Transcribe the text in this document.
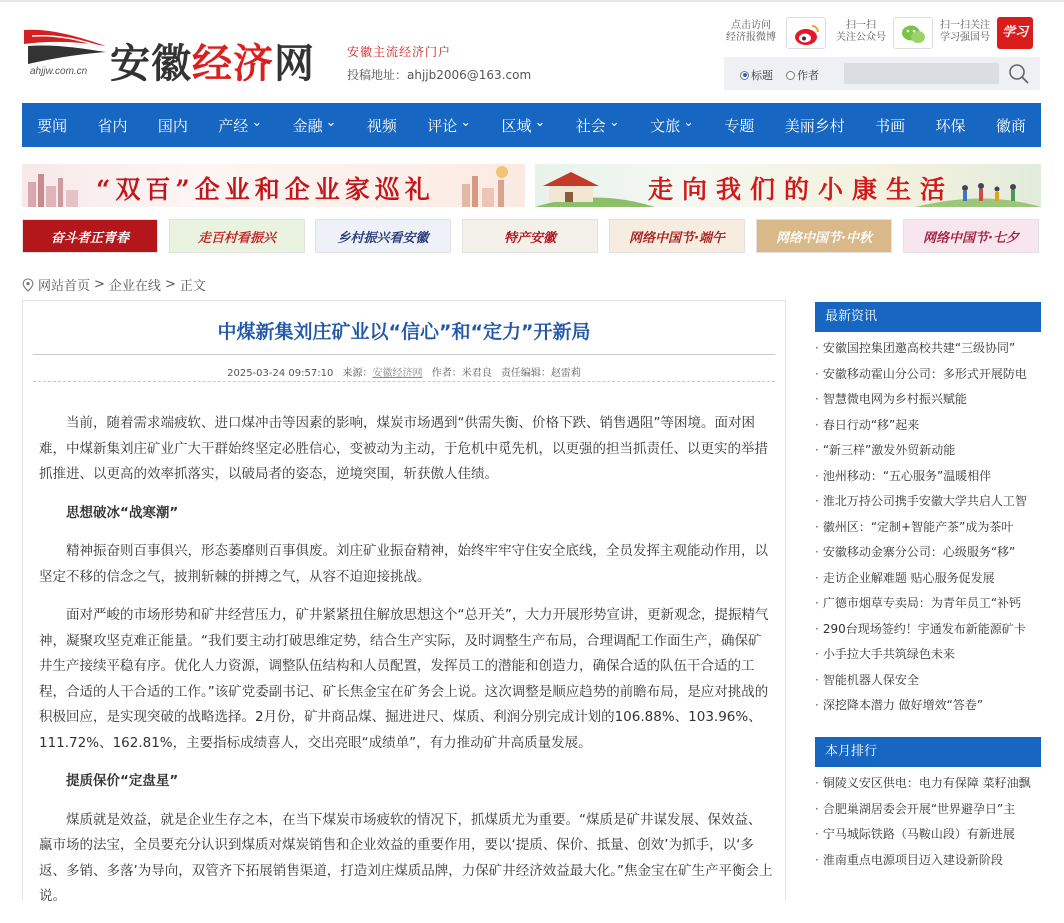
ahjjw.com.cn 安徽经济网	安徽主流经济门户
投稿地址：ahjjb2006@163.com
点击访问
经济报微博
扫一扫
关注公众号
扫一扫关注
学习强国号 学习
标题 作者
要闻 省内 国内 产经 ⌄ 金融 ⌄ 视频 评论 ⌄ 区域 ⌄ 社会 ⌄ 文旅 ⌄ 专题 美丽乡村 书画 环保 徽商
“双百”企业和企业家巡礼	走向我们的小康生活
奋斗者正青春	走百村看振兴	乡村振兴看安徽	特产安徽	网络中国节·端午	网络中国节·中秋	网络中国节·七夕
网站首页 > 企业在线 > 正文
中煤新集刘庄矿业以“信心”和“定力”开新局
2025-03-24 09:57:10 来源：安徽经济网 作者：米君良 责任编辑：赵雷莉

当前，随着需求端疲软、进口煤冲击等因素的影响，煤炭市场遇到“供需失衡、价格下跌、销售遇阻”等困境。面对困难，中煤新集刘庄矿业广大干群始终坚定必胜信心，变被动为主动，于危机中觅先机，以更强的担当抓责任、以更实的举措抓推进、以更高的效率抓落实，以破局者的姿态，逆境突围，斩获傲人佳绩。

思想破冰“战寒潮”

精神振奋则百事俱兴，形态萎靡则百事俱废。刘庄矿业振奋精神，始终牢牢守住安全底线，全员发挥主观能动作用，以坚定不移的信念之气，披荆斩棘的拼搏之气，从容不迫迎接挑战。

面对严峻的市场形势和矿井经营压力，矿井紧紧扭住解放思想这个“总开关”，大力开展形势宣讲，更新观念，提振精气神，凝聚攻坚克难正能量。“我们要主动打破思维定势，结合生产实际，及时调整生产布局，合理调配工作面生产，确保矿井生产接续平稳有序。优化人力资源，调整队伍结构和人员配置，发挥员工的潜能和创造力，确保合适的队伍干合适的工程，合适的人干合适的工作。”该矿党委副书记、矿长焦金宝在矿务会上说。这次调整是顺应趋势的前瞻布局，是应对挑战的积极回应，是实现突破的战略选择。2月份，矿井商品煤、掘进进尺、煤质、利润分别完成计划的106.88%、103.96%、111.72%、162.81%，主要指标成绩喜人，交出亮眼“成绩单”，有力推动矿井高质量发展。

提质保价“定盘星”

煤质就是效益，就是企业生存之本，在当下煤炭市场疲软的情况下，抓煤质尤为重要。“煤质是矿井谋发展、保效益、赢市场的法宝，全员要充分认识到煤质对煤炭销售和企业效益的重要作用，要以‘提质、保价、抵量、创效’为抓手，以‘多返、多销、多落’为导向，双管齐下拓展销售渠道，打造刘庄煤质品牌，力保矿井经济效益最大化。”焦金宝在矿生产平衡会上说。

最新资讯
· 安徽国控集团邀高校共建“三级协同”
· 安徽移动霍山分公司：多形式开展防电
· 智慧微电网为乡村振兴赋能
· 春日行动“移”起来
· “新三样”激发外贸新动能
· 池州移动：“五心服务”温暖相伴
· 淮北万持公司携手安徽大学共启人工智
· 徽州区：“定制+智能产茶”成为茶叶
· 安徽移动金寨分公司：心级服务“移”
· 走访企业解难题 贴心服务促发展
· 广德市烟草专卖局：为青年员工“补钙
· 290台现场签约！宇通发布新能源矿卡
· 小手拉大手共筑绿色未来
· 智能机器人保安全
· 深挖降本潜力 做好增效“答卷”
本月排行
· 铜陵义安区供电：电力有保障 菜籽油飘
· 合肥巢湖居委会开展“世界避孕日”主
· 宁马城际铁路（马鞍山段）有新进展
· 淮南重点电源项目迈入建设新阶段
